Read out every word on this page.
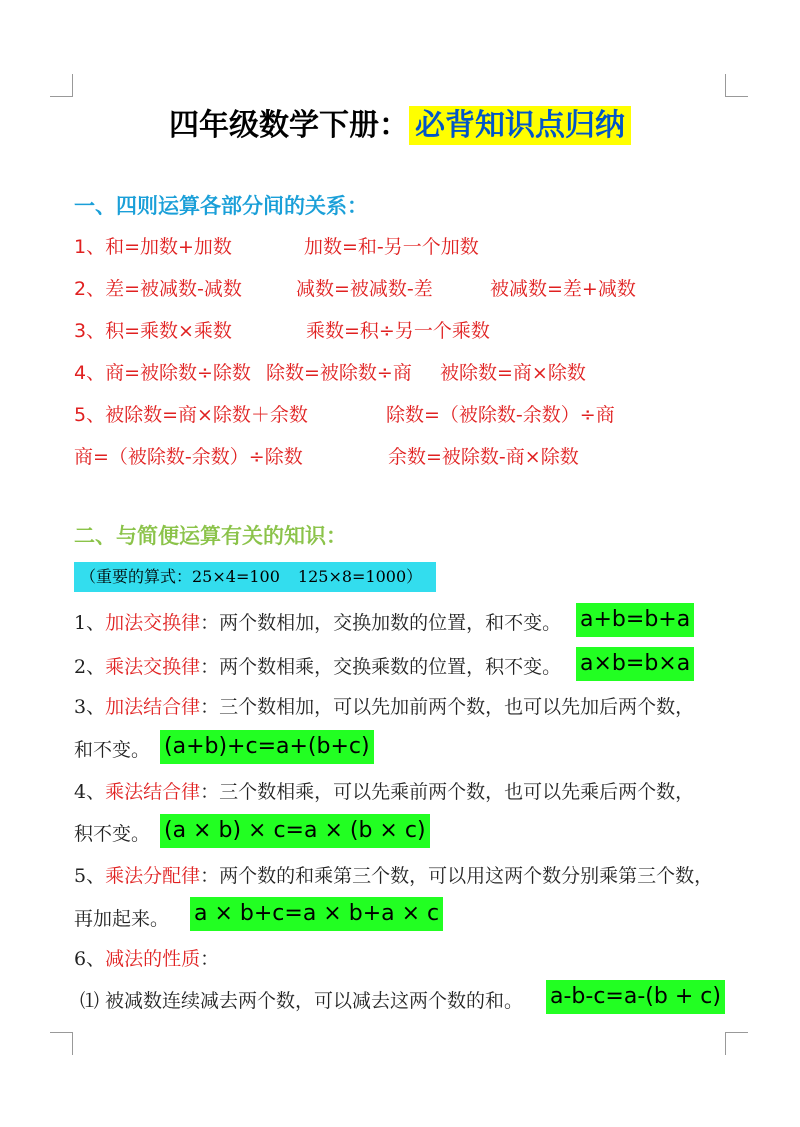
四年级数学下册： 必背知识点归纳
一、四则运算各部分间的关系：
1、和=加数+加数	加数=和-另一个加数
2、差=被减数-减数	减数=被减数-差	被减数=差+减数
3、积=乘数×乘数	乘数=积÷另一个乘数
4、商=被除数÷除数 除数=被除数÷商 被除数=商×除数
5、被除数=商×除数＋余数	除数=（被除数-余数）÷商
商=（被除数-余数）÷除数	余数=被除数-商×除数
二、与简便运算有关的知识：
（重要的算式：25×4=100 125×8=1000）
1、加法交换律：两个数相加，交换加数的位置，和不变。 a+b=b+a
2、乘法交换律：两个数相乘，交换乘数的位置，积不变。 a×b=b×a
3、加法结合律：三个数相加，可以先加前两个数，也可以先加后两个数，
和不变。 (a+b)+c=a+(b+c)
4、乘法结合律：三个数相乘，可以先乘前两个数，也可以先乘后两个数，
积不变。 (a × b) × c=a × (b × c)
5、乘法分配律：两个数的和乘第三个数，可以用这两个数分别乘第三个数，
再加起来。 a × b+c=a × b+a × c
6、减法的性质：
⑴ 被减数连续减去两个数，可以减去这两个数的和。 a-b-c=a-(b + c)
